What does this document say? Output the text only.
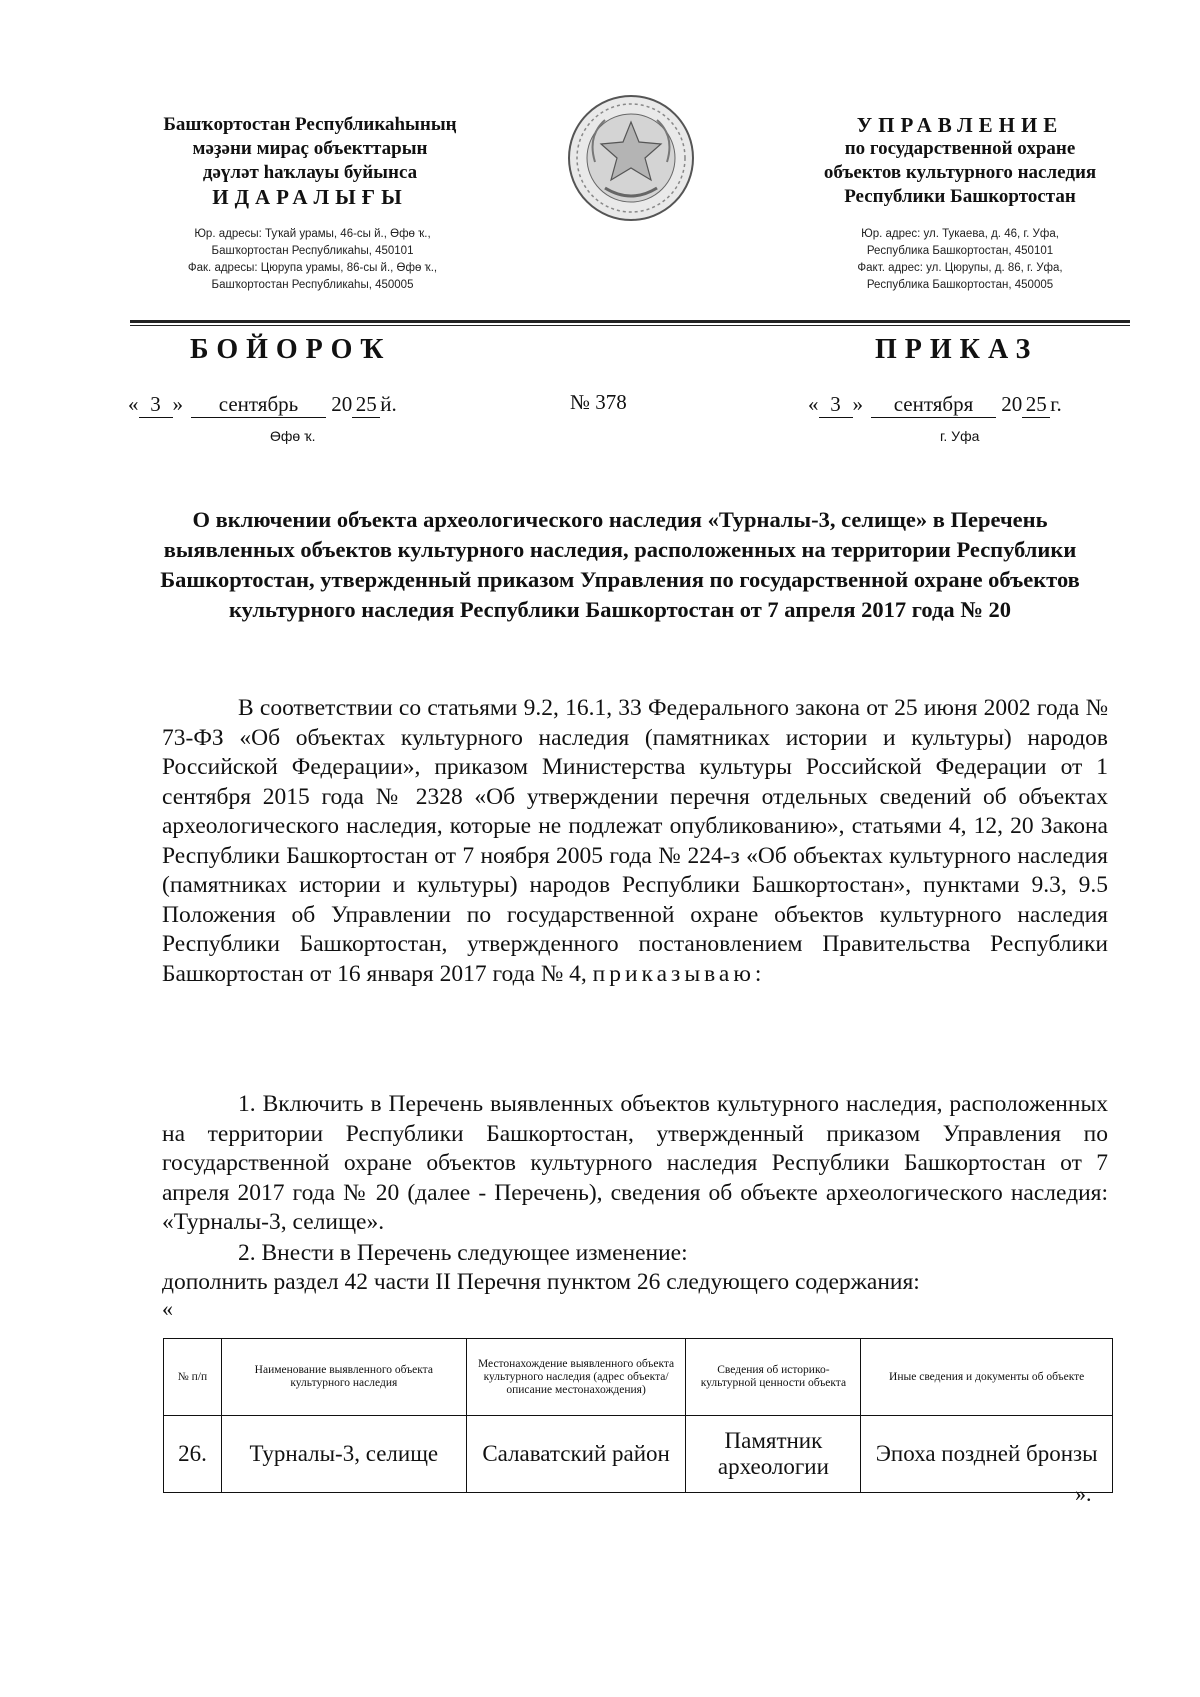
Башҡортостан Республикаһының
мәҙәни мираҫ объекттарын
дәүләт һаҡлауы буйынса
ИДАРАЛЫҒЫ
Юр. адресы: Туҡай урамы, 46-сы й., Өфө ҡ.,
Башҡортостан Республикаһы, 450101
Фак. адресы: Цюрупа урамы, 86-сы й., Өфө ҡ.,
Башҡортостан Республикаһы, 450005
УПРАВЛЕНИЕ
по государственной охране
объектов культурного наследия
Республики Башкортостан
Юр. адрес: ул. Тукаева, д. 46, г. Уфа,
Республика Башкортостан, 450101
Факт. адрес: ул. Цюрупы, д. 86, г. Уфа,
Республика Башкортостан, 450005
БОЙОРОҠ	ПРИКАЗ
« 3 » сентябрь 20 25 й.
Өфө ҡ.
№ 378	« 3 » сентября 20 25 г.
г. Уфа
О включении объекта археологического наследия «Турналы-3, селище» в Перечень выявленных объектов культурного наследия, расположенных на территории Республики Башкортостан, утвержденный приказом Управления по государственной охране объектов культурного наследия Республики Башкортостан от 7 апреля 2017 года № 20
В соответствии со статьями 9.2, 16.1, 33 Федерального закона от 25 июня 2002 года № 73-ФЗ «Об объектах культурного наследия (памятниках истории и культуры) народов Российской Федерации», приказом Министерства культуры Российской Федерации от 1 сентября 2015 года № 2328 «Об утверждении перечня отдельных сведений об объектах археологического наследия, которые не подлежат опубликованию», статьями 4, 12, 20 Закона Республики Башкортостан от 7 ноября 2005 года № 224-з «Об объектах культурного наследия (памятниках истории и культуры) народов Республики Башкортостан», пунктами 9.3, 9.5 Положения об Управлении по государственной охране объектов культурного наследия Республики Башкортостан, утвержденного постановлением Правительства Республики Башкортостан от 16 января 2017 года № 4, приказываю:
1. Включить в Перечень выявленных объектов культурного наследия, расположенных на территории Республики Башкортостан, утвержденный приказом Управления по государственной охране объектов культурного наследия Республики Башкортостан от 7 апреля 2017 года № 20 (далее - Перечень), сведения об объекте археологического наследия: «Турналы-3, селище».
2. Внести в Перечень следующее изменение:
дополнить раздел 42 части II Перечня пунктом 26 следующего содержания:
«
№ п/п	Наименование выявленного объекта культурного наследия	Местонахождение выявленного объекта культурного наследия (адрес объекта/описание местонахождения)	Сведения об историко-культурной ценности объекта	Иные сведения и документы об объекте
26.	Турналы-3, селище	Салаватский район	Памятник археологии	Эпоха поздней бронзы
».
